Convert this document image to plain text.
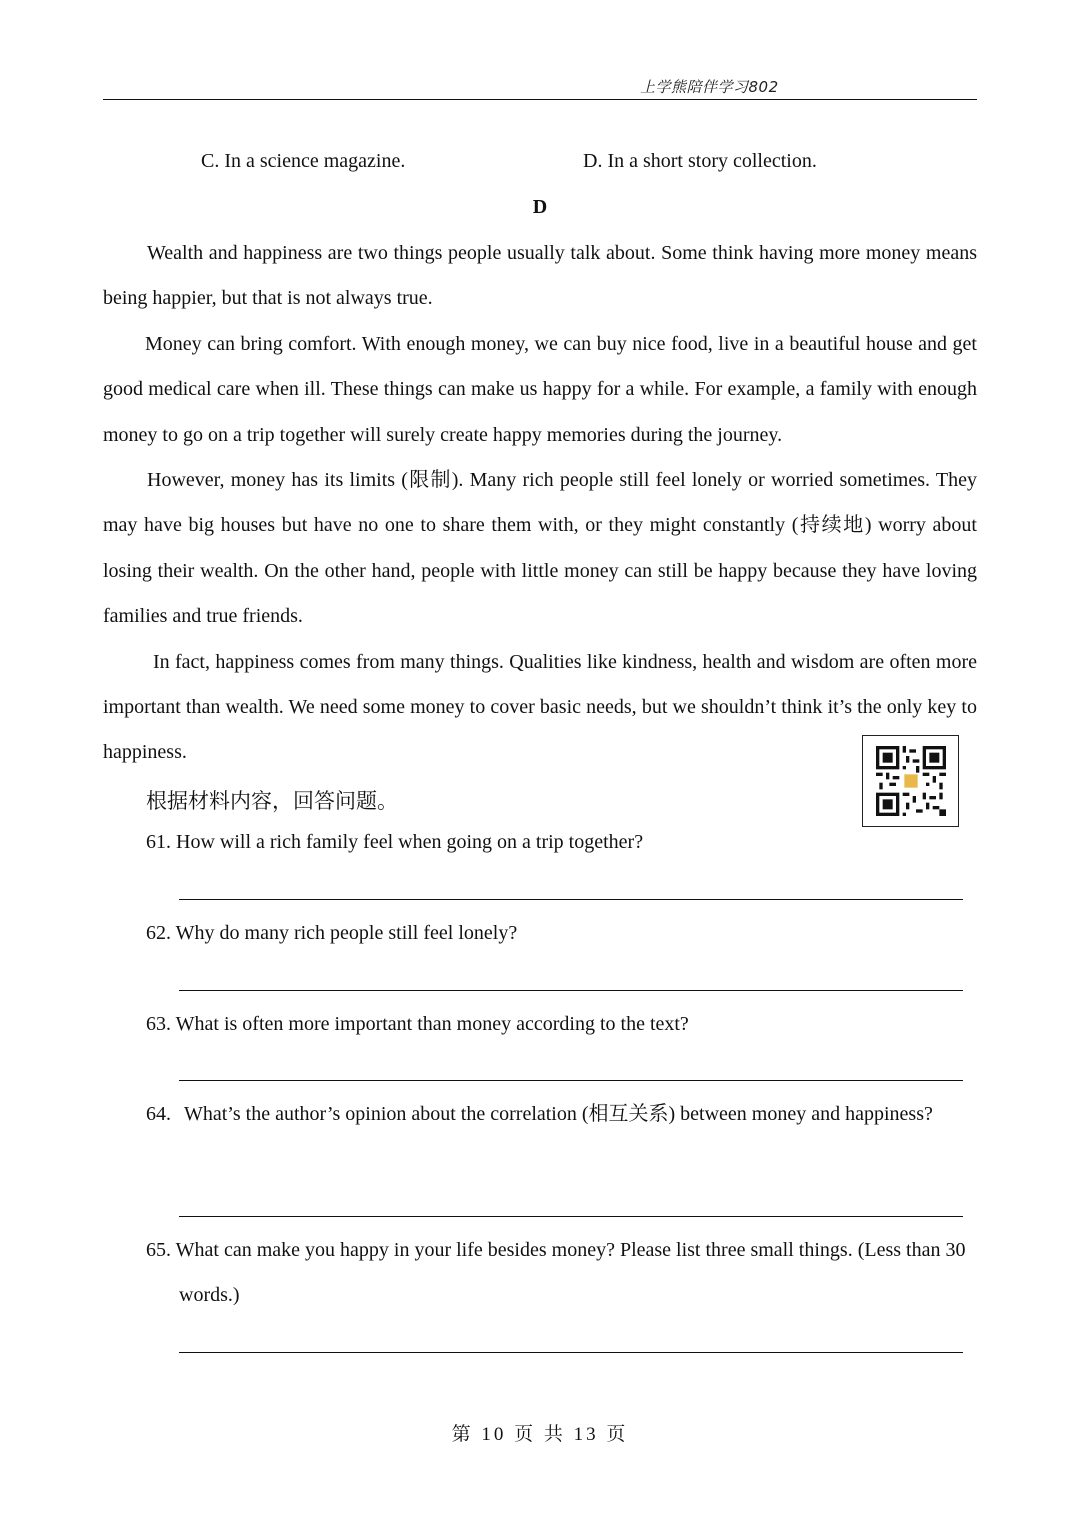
上学熊陪伴学习802
C. In a science magazine.	D. In a short story collection.
D

Wealth and happiness are two things people usually talk about. Some think having more money means being happier, but that is not always true.

Money can bring comfort. With enough money, we can buy nice food, live in a beautiful house and get good medical care when ill. These things can make us happy for a while. For example, a family with enough money to go on a trip together will surely create happy memories during the journey.

However, money has its limits (限制). Many rich people still feel lonely or worried sometimes. They may have big houses but have no one to share them with, or they might constantly (持续地) worry about losing their wealth. On the other hand, people with little money can still be happy because they have loving families and true friends.

In fact, happiness comes from many things. Qualities like kindness, health and wisdom are often more important than wealth. We need some money to cover basic needs, but we shouldn’t think it’s the only key to happiness.

根据材料内容，回答问题。
61. How will a rich family feel when going on a trip together?
62. Why do many rich people still feel lonely?
63. What is often more important than money according to the text?
64. What’s the author’s opinion about the correlation (相互关系) between money and happiness?
65. What can make you happy in your life besides money? Please list three small things. (Less than 30 words.)
第 10 页 共 13 页
